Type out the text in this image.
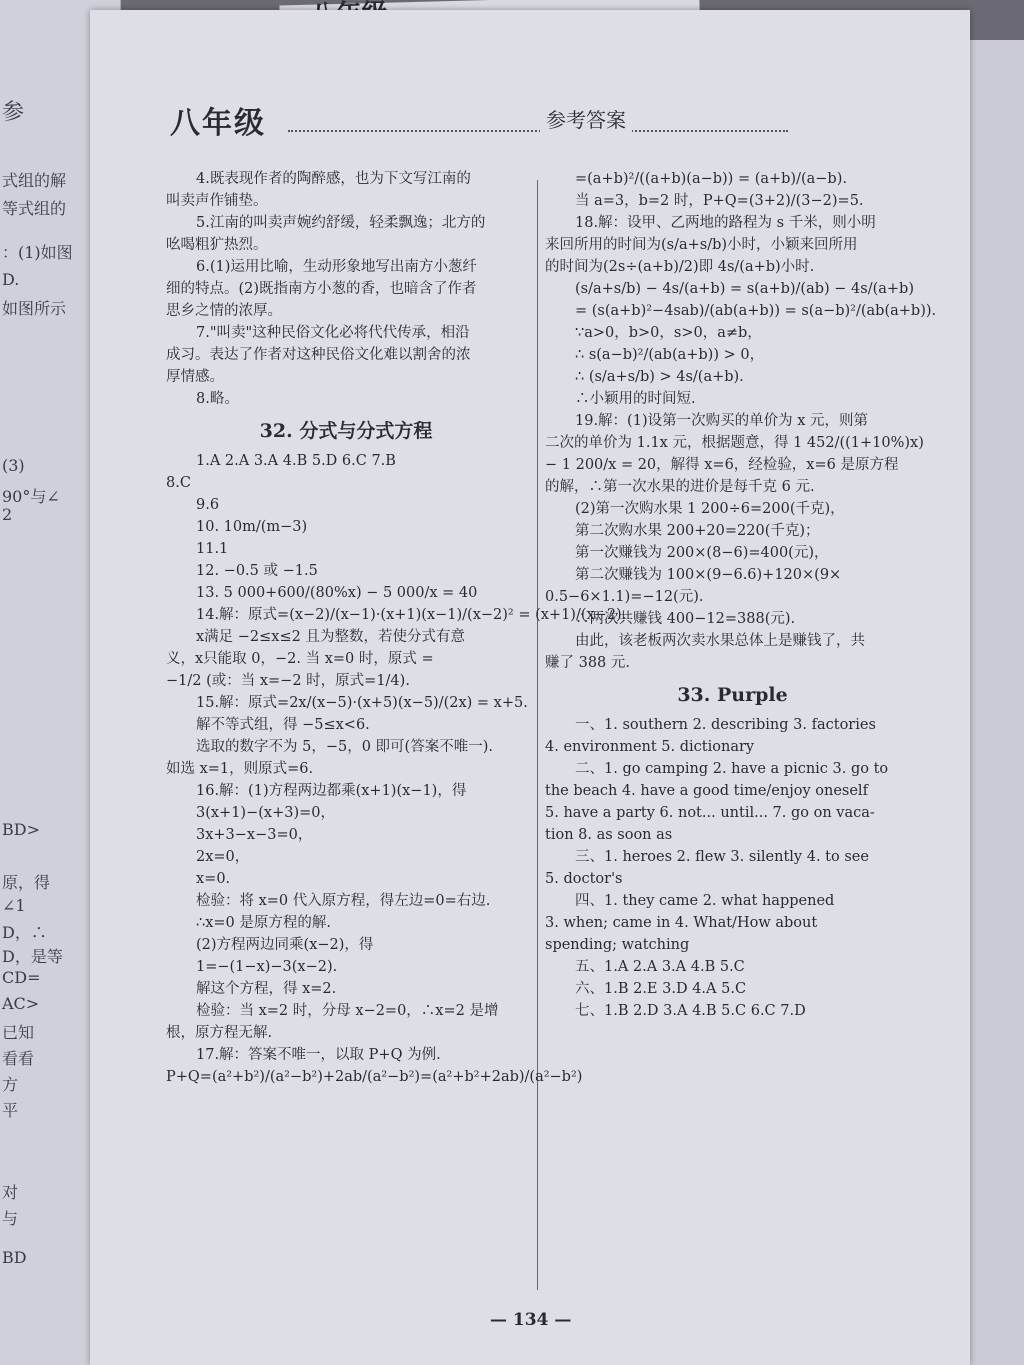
参
式组的解
等式组的
：(1)如图
D.
如图所示
(3)
90°与∠
2
BD>
原，得
∠1
D，∴
D，是等
CD=
AC>
已知
看看
方
平
对
与
BD
八年级	参考答案
4.既表现作者的陶醉感，也为下文写江南的
叫卖声作铺垫。
5.江南的叫卖声婉约舒缓，轻柔飘逸；北方的
吆喝粗犷热烈。
6.(1)运用比喻，生动形象地写出南方小葱纤
细的特点。(2)既指南方小葱的香，也暗含了作者
思乡之情的浓厚。
7."叫卖"这种民俗文化必将代代传承，相沿
成习。表达了作者对这种民俗文化难以割舍的浓
厚情感。
8.略。
32. 分式与分式方程
1.A 2.A 3.A 4.B 5.D 6.C 7.B
8.C
9.6
10. 10m/(m−3)
11.1
12. −0.5 或 −1.5
13. 5 000+600/(80%x) − 5 000/x = 40
14.解：原式=(x−2)/(x−1)·(x+1)(x−1)/(x−2)² = (x+1)/(x−2).
x满足 −2≤x≤2 且为整数，若使分式有意
义，x只能取 0，−2. 当 x=0 时，原式 =
−1/2 (或：当 x=−2 时，原式=1/4).
15.解：原式=2x/(x−5)·(x+5)(x−5)/(2x) = x+5.
解不等式组，得 −5≤x<6.
选取的数字不为 5，−5，0 即可(答案不唯一).
如选 x=1，则原式=6.
16.解：(1)方程两边都乘(x+1)(x−1)，得
3(x+1)−(x+3)=0，
3x+3−x−3=0，
2x=0，
x=0.
检验：将 x=0 代入原方程，得左边=0=右边.
∴x=0 是原方程的解.
(2)方程两边同乘(x−2)，得
1=−(1−x)−3(x−2).
解这个方程，得 x=2.
检验：当 x=2 时，分母 x−2=0，∴x=2 是增
根，原方程无解.
17.解：答案不唯一，以取 P+Q 为例.
P+Q=(a²+b²)/(a²−b²)+2ab/(a²−b²)=(a²+b²+2ab)/(a²−b²)
=(a+b)²/((a+b)(a−b)) = (a+b)/(a−b).
当 a=3，b=2 时，P+Q=(3+2)/(3−2)=5.
18.解：设甲、乙两地的路程为 s 千米，则小明
来回所用的时间为(s/a+s/b)小时，小颖来回所用
的时间为(2s÷(a+b)/2)即 4s/(a+b)小时.
(s/a+s/b) − 4s/(a+b) = s(a+b)/(ab) − 4s/(a+b)
= (s(a+b)²−4sab)/(ab(a+b)) = s(a−b)²/(ab(a+b)).
∵a>0，b>0，s>0，a≠b，
∴ s(a−b)²/(ab(a+b)) > 0，
∴ (s/a+s/b) > 4s/(a+b).
∴小颖用的时间短.
19.解：(1)设第一次购买的单价为 x 元，则第
二次的单价为 1.1x 元，根据题意，得 1 452/((1+10%)x)
− 1 200/x = 20，解得 x=6，经检验，x=6 是原方程
的解，∴第一次水果的进价是每千克 6 元.
(2)第一次购水果 1 200÷6=200(千克)，
第二次购水果 200+20=220(千克)；
第一次赚钱为 200×(8−6)=400(元)，
第二次赚钱为 100×(9−6.6)+120×(9×
0.5−6×1.1)=−12(元).
∴两次共赚钱 400−12=388(元).
由此，该老板两次卖水果总体上是赚钱了，共
赚了 388 元.
33. Purple
一、1. southern 2. describing 3. factories
4. environment 5. dictionary
二、1. go camping 2. have a picnic 3. go to
the beach 4. have a good time/enjoy oneself
5. have a party 6. not... until... 7. go on vaca-
tion 8. as soon as
三、1. heroes 2. flew 3. silently 4. to see
5. doctor's
四、1. they came 2. what happened
3. when; came in 4. What/How about
spending; watching
五、1.A 2.A 3.A 4.B 5.C
六、1.B 2.E 3.D 4.A 5.C
七、1.B 2.D 3.A 4.B 5.C 6.C 7.D
— 134 —
